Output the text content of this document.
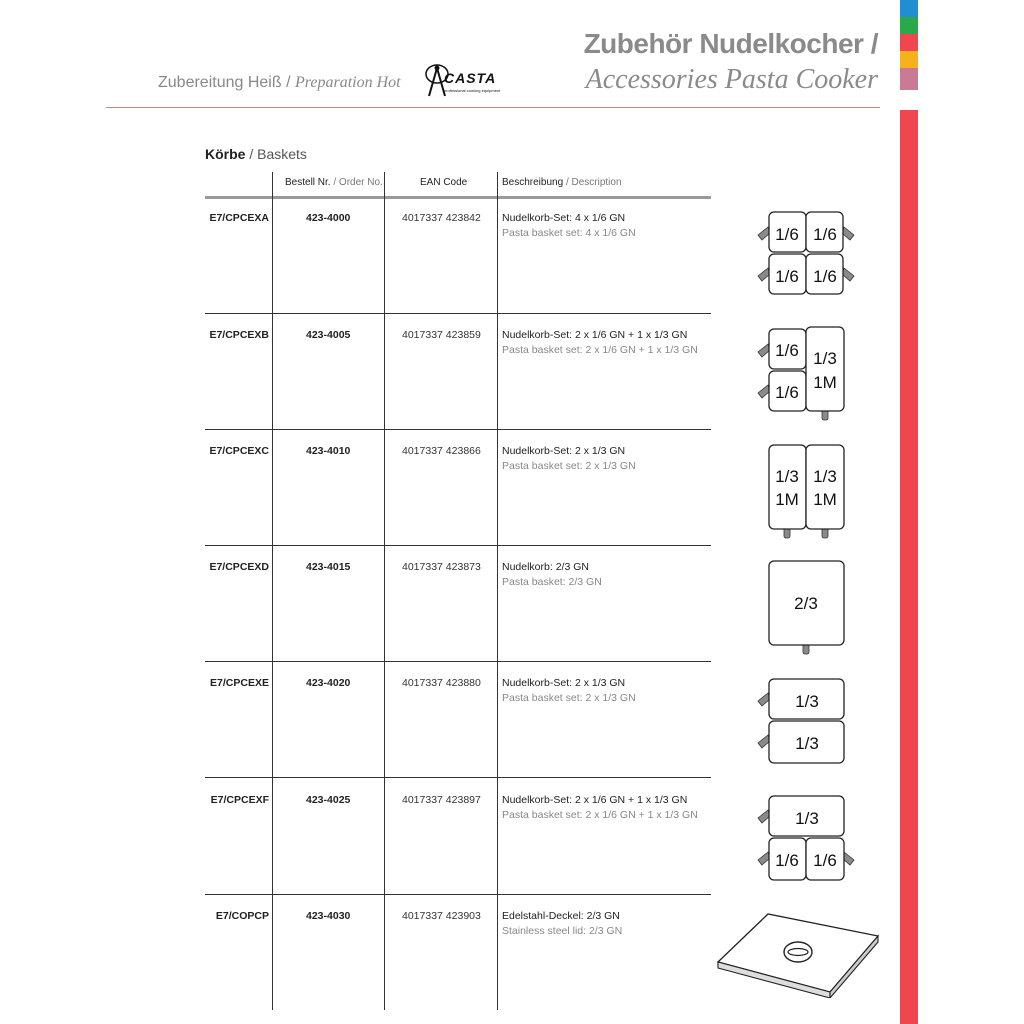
Zubehör Nudelkocher /
Accessories Pasta Cooker
Zubereitung Heiß / Preparation Hot	CASTA
professional cooking equipment
Körbe / Baskets
Bestell Nr. / Order No.	EAN Code	Beschreibung / Description
E7/CPCEXA	423-4000	4017337 423842 Nudelkorb-Set: 4 x 1/6 GN
Pasta basket set: 4 x 1/6 GN
E7/CPCEXB	423-4005	4017337 423859 Nudelkorb-Set: 2 x 1/6 GN + 1 x 1/3 GN
Pasta basket set: 2 x 1/6 GN + 1 x 1/3 GN
E7/CPCEXC	423-4010	4017337 423866 Nudelkorb-Set: 2 x 1/3 GN
Pasta basket set: 2 x 1/3 GN
E7/CPCEXD	423-4015	4017337 423873 Nudelkorb: 2/3 GN
Pasta basket: 2/3 GN
E7/CPCEXE	423-4020	4017337 423880 Nudelkorb-Set: 2 x 1/3 GN
Pasta basket set: 2 x 1/3 GN
E7/CPCEXF	423-4025	4017337 423897 Nudelkorb-Set: 2 x 1/6 GN + 1 x 1/3 GN
Pasta basket set: 2 x 1/6 GN + 1 x 1/3 GN
E7/COPCP	423-4030	4017337 423903 Edelstahl-Deckel: 2/3 GN
Stainless steel lid: 2/3 GN
1/6 1/6
1/6 1/6
1/6
1/6
1/3
1M
1/3
1M
1/3
1M
2/3
1/3
1/3
1/3
1/6 1/6
